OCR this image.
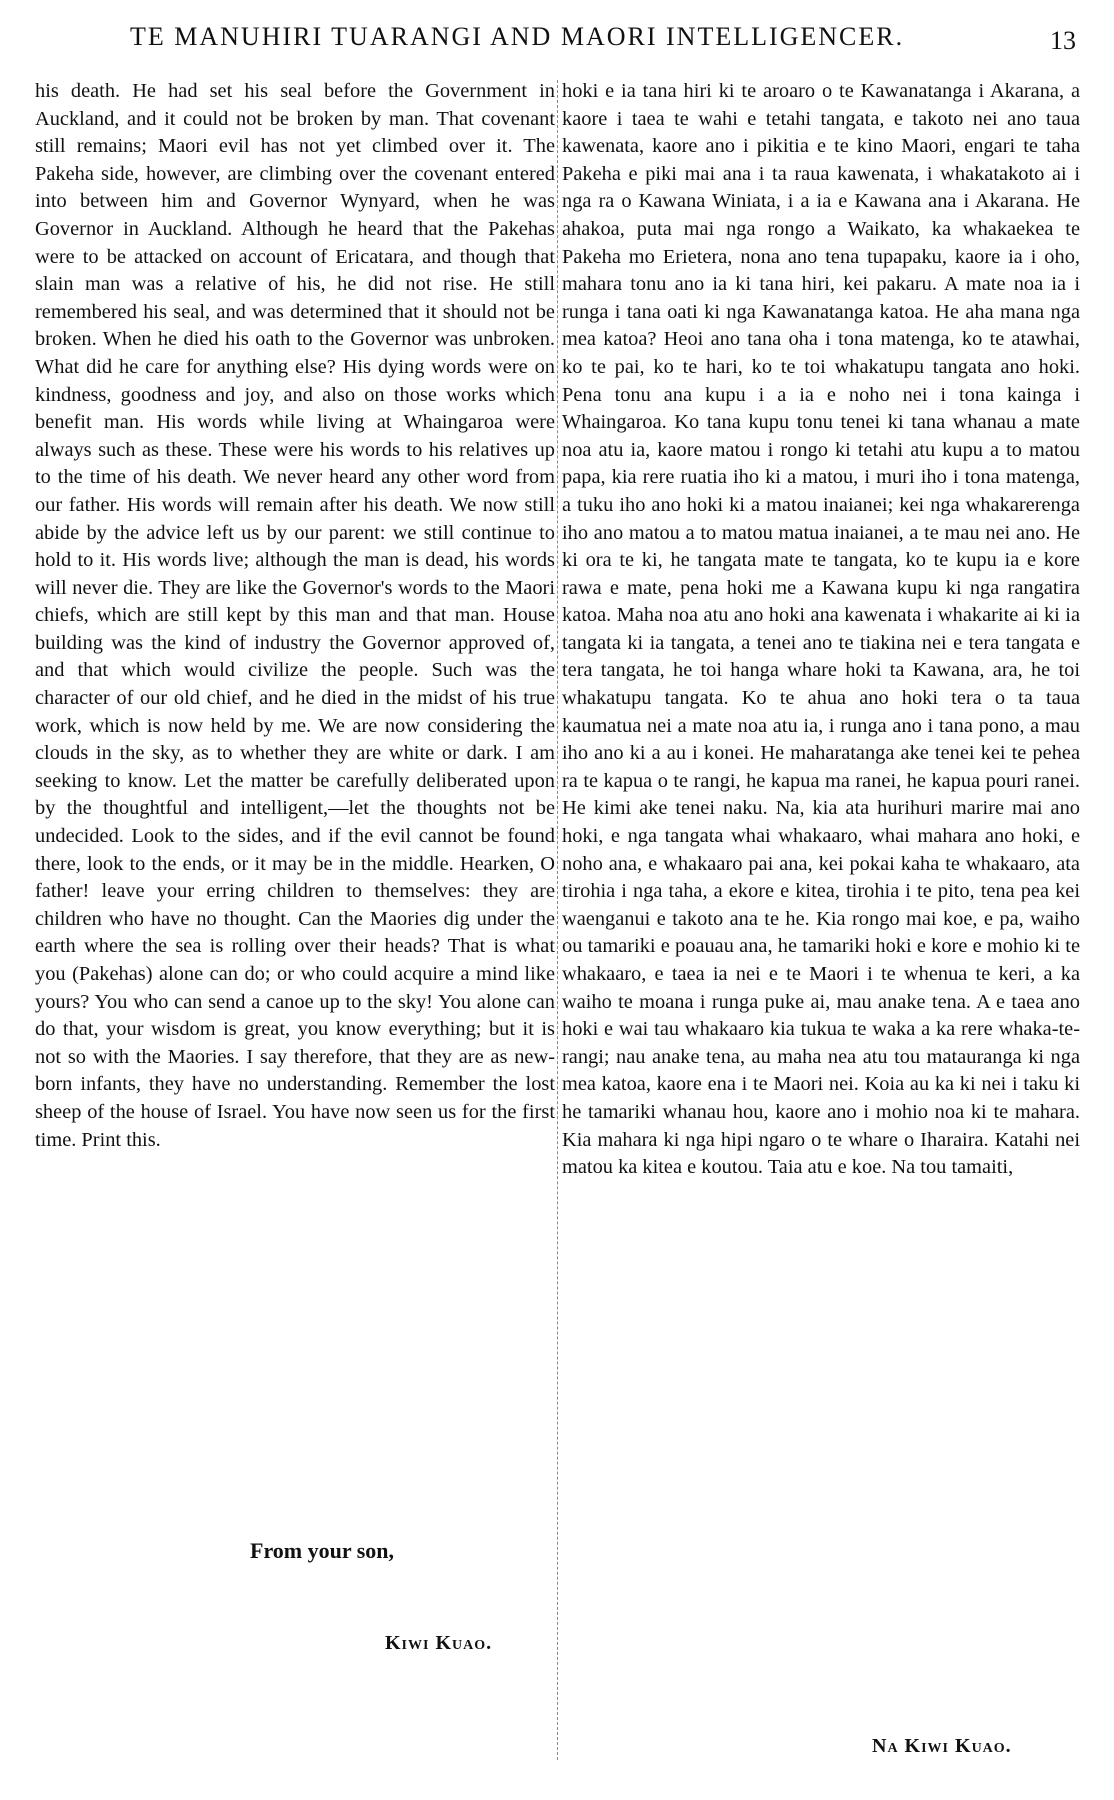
TE MANUHIRI TUARANGI AND MAORI INTELLIGENCER.	13

his death. He had set his seal before the Government in Auckland, and it could not be broken by man. That covenant still remains; Maori evil has not yet climbed over it. The Pakeha side, however, are climbing over the covenant entered into between him and Governor Wynyard, when he was Governor in Auckland. Although he heard that the Pakehas were to be attacked on account of Ericatara, and though that slain man was a relative of his, he did not rise. He still remembered his seal, and was determined that it should not be broken. When he died his oath to the Governor was unbroken. What did he care for anything else? His dying words were on kindness, goodness and joy, and also on those works which benefit man. His words while living at Whaingaroa were always such as these. These were his words to his relatives up to the time of his death. We never heard any other word from our father. His words will remain after his death. We now still abide by the advice left us by our parent: we still continue to hold to it. His words live; although the man is dead, his words will never die. They are like the Governor's words to the Maori chiefs, which are still kept by this man and that man. House building was the kind of industry the Governor approved of, and that which would civilize the people. Such was the character of our old chief, and he died in the midst of his true work, which is now held by me. We are now considering the clouds in the sky, as to whether they are white or dark. I am seeking to know. Let the matter be carefully deliberated upon by the thoughtful and intelligent,—let the thoughts not be undecided. Look to the sides, and if the evil cannot be found there, look to the ends, or it may be in the middle. Hearken, O father! leave your erring children to themselves: they are children who have no thought. Can the Maories dig under the earth where the sea is rolling over their heads? That is what you (Pakehas) alone can do; or who could acquire a mind like yours? You who can send a canoe up to the sky! You alone can do that, your wisdom is great, you know everything; but it is not so with the Maories. I say therefore, that they are as new-born infants, they have no understanding. Remember the lost sheep of the house of Israel. You have now seen us for the first time. Print this.

hoki e ia tana hiri ki te aroaro o te Kawanatanga i Akarana, a kaore i taea te wahi e tetahi tangata, e takoto nei ano taua kawenata, kaore ano i pikitia e te kino Maori, engari te taha Pakeha e piki mai ana i ta raua kawenata, i whakatakoto ai i nga ra o Kawana Winiata, i a ia e Kawana ana i Akarana. He ahakoa, puta mai nga rongo a Waikato, ka whakaekea te Pakeha mo Erietera, nona ano tena tupapaku, kaore ia i oho, mahara tonu ano ia ki tana hiri, kei pakaru. A mate noa ia i runga i tana oati ki nga Kawanatanga katoa. He aha mana nga mea katoa? Heoi ano tana oha i tona matenga, ko te atawhai, ko te pai, ko te hari, ko te toi whakatupu tangata ano hoki. Pena tonu ana kupu i a ia e noho nei i tona kainga i Whaingaroa. Ko tana kupu tonu tenei ki tana whanau a mate noa atu ia, kaore matou i rongo ki tetahi atu kupu a to matou papa, kia rere ruatia iho ki a matou, i muri iho i tona matenga, a tuku iho ano hoki ki a matou inaianei; kei nga whakarerenga iho ano matou a to matou matua inaianei, a te mau nei ano. He ki ora te ki, he tangata mate te tangata, ko te kupu ia e kore rawa e mate, pena hoki me a Kawana kupu ki nga rangatira katoa. Maha noa atu ano hoki ana kawenata i whakarite ai ki ia tangata ki ia tangata, a tenei ano te tiakina nei e tera tangata e tera tangata, he toi hanga whare hoki ta Kawana, ara, he toi whakatupu tangata. Ko te ahua ano hoki tera o ta taua kaumatua nei a mate noa atu ia, i runga ano i tana pono, a mau iho ano ki a au i konei. He maharatanga ake tenei kei te pehea ra te kapua o te rangi, he kapua ma ranei, he kapua pouri ranei. He kimi ake tenei naku. Na, kia ata hurihuri marire mai ano hoki, e nga tangata whai whakaaro, whai mahara ano hoki, e noho ana, e whakaaro pai ana, kei pokai kaha te whakaaro, ata tirohia i nga taha, a ekore e kitea, tirohia i te pito, tena pea kei waenganui e takoto ana te he. Kia rongo mai koe, e pa, waiho ou tamariki e poauau ana, he tamariki hoki e kore e mohio ki te whakaaro, e taea ia nei e te Maori i te whenua te keri, a ka waiho te moana i runga puke ai, mau anake tena. A e taea ano hoki e wai tau whakaaro kia tukua te waka a ka rere whaka-te-rangi; nau anake tena, au maha nea atu tou matauranga ki nga mea katoa, kaore ena i te Maori nei. Koia au ka ki nei i taku ki he tamariki whanau hou, kaore ano i mohio noa ki te mahara. Kia mahara ki nga hipi ngaro o te whare o Iharaira. Katahi nei matou ka kitea e koutou. Taia atu e koe. Na tou tamaiti,

From your son,
Kiwi Kuao.
Na Kiwi Kuao.
